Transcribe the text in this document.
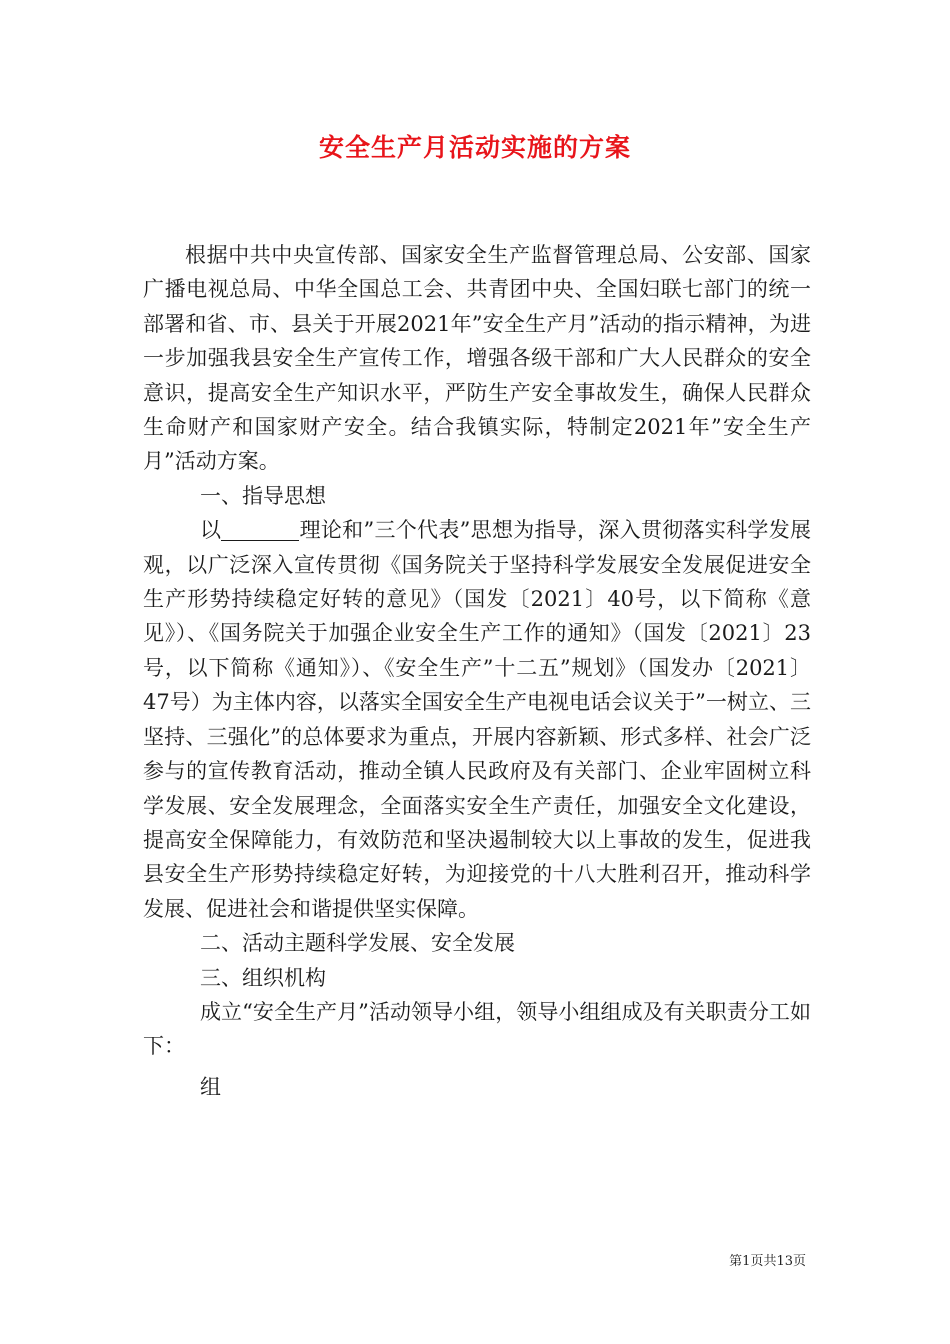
安全生产月活动实施的方案

根据中共中央宣传部、国家安全生产监督管理总局、公安部、国家广播电视总局、中华全国总工会、共青团中央、全国妇联七部门的统一部署和省、市、县关于开展2021年”安全生产月”活动的指示精神，为进一步加强我县安全生产宣传工作，增强各级干部和广大人民群众的安全意识，提高安全生产知识水平，严防生产安全事故发生，确保人民群众生命财产和国家财产安全。结合我镇实际，特制定2021年”安全生产月”活动方案。

一、指导思想

以	理论和”三个代表”思想为指导，深入贯彻落实科学发展观，以广泛深入宣传贯彻《国务院关于坚持科学发展安全发展促进安全生产形势持续稳定好转的意见》（国发〔2021〕40号，以下简称《意见》）、《国务院关于加强企业安全生产工作的通知》（国发〔2021〕23号，以下简称《通知》）、《安全生产”十二五”规划》（国发办〔2021〕47号）为主体内容，以落实全国安全生产电视电话会议关于”一树立、三坚持、三强化”的总体要求为重点，开展内容新颖、形式多样、社会广泛参与的宣传教育活动，推动全镇人民政府及有关部门、企业牢固树立科学发展、安全发展理念，全面落实安全生产责任，加强安全文化建设，提高安全保障能力，有效防范和坚决遏制较大以上事故的发生，促进我县安全生产形势持续稳定好转，为迎接党的十八大胜利召开，推动科学发展、促进社会和谐提供坚实保障。

二、活动主题科学发展、安全发展

三、组织机构

成立“安全生产月”活动领导小组，领导小组组成及有关职责分工如下：

组

第1页共13页
